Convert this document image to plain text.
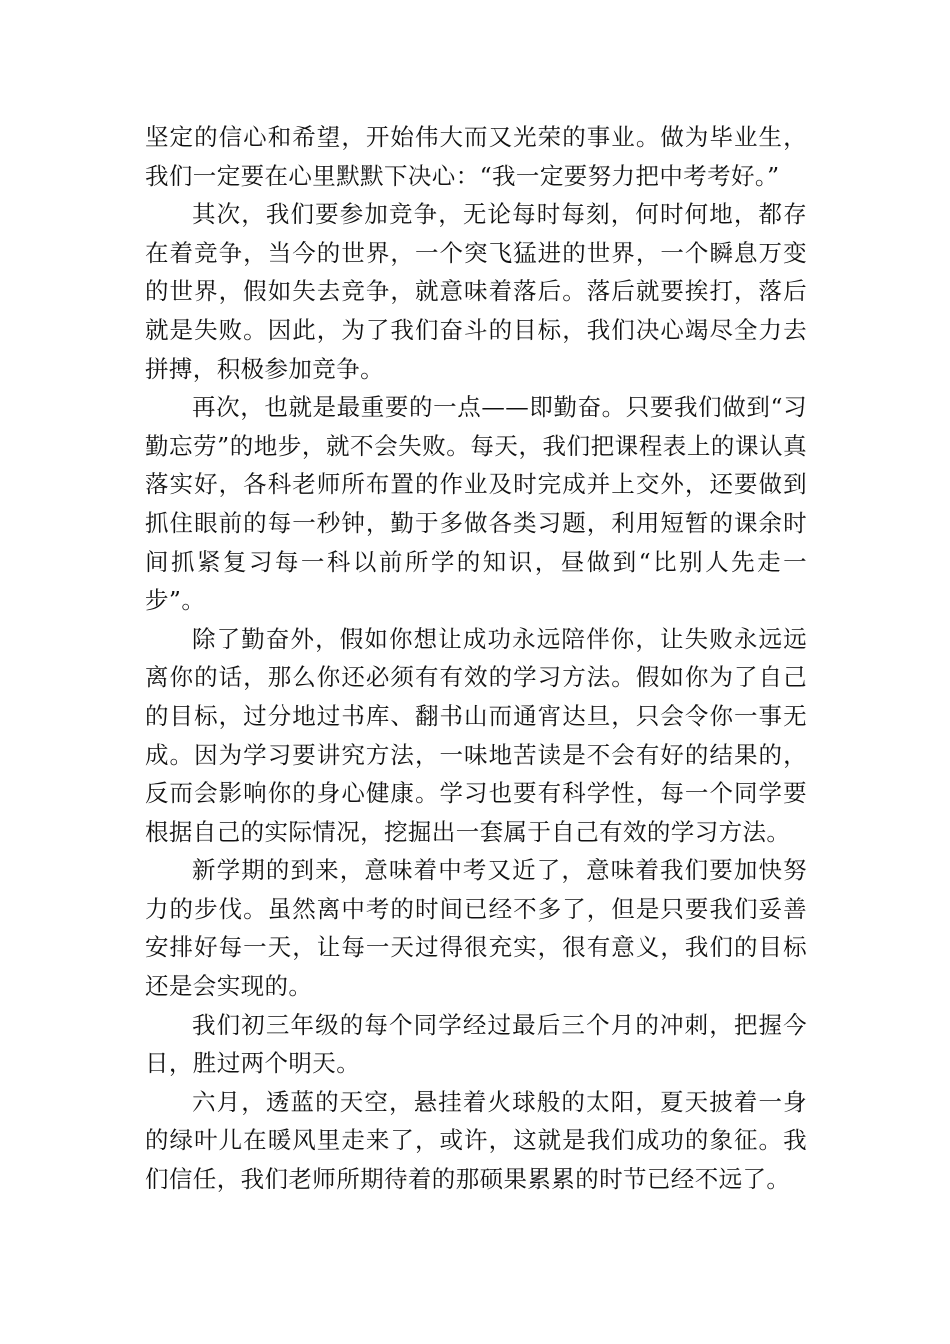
坚定的信心和希望，开始伟大而又光荣的事业。做为毕业生，我们一定要在心里默默下决心：“我一定要努力把中考考好。”

其次，我们要参加竞争，无论每时每刻，何时何地，都存在着竞争，当今的世界，一个突飞猛进的世界，一个瞬息万变的世界，假如失去竞争，就意味着落后。落后就要挨打，落后就是失败。因此，为了我们奋斗的目标，我们决心竭尽全力去拼搏，积极参加竞争。

再次，也就是最重要的一点——即勤奋。只要我们做到“习勤忘劳”的地步，就不会失败。每天，我们把课程表上的课认真落实好，各科老师所布置的作业及时完成并上交外，还要做到抓住眼前的每一秒钟，勤于多做各类习题，利用短暂的课余时间抓紧复习每一科以前所学的知识，昼做到“比别人先走一步”。

除了勤奋外，假如你想让成功永远陪伴你，让失败永远远离你的话，那么你还必须有有效的学习方法。假如你为了自己的目标，过分地过书库、翻书山而通宵达旦，只会令你一事无成。因为学习要讲究方法，一味地苦读是不会有好的结果的，反而会影响你的身心健康。学习也要有科学性，每一个同学要根据自己的实际情况，挖掘出一套属于自己有效的学习方法。

新学期的到来，意味着中考又近了，意味着我们要加快努力的步伐。虽然离中考的时间已经不多了，但是只要我们妥善安排好每一天，让每一天过得很充实，很有意义，我们的目标还是会实现的。

我们初三年级的每个同学经过最后三个月的冲刺，把握今日，胜过两个明天。

六月，透蓝的天空，悬挂着火球般的太阳，夏天披着一身的绿叶儿在暖风里走来了，或许，这就是我们成功的象征。我们信任，我们老师所期待着的那硕果累累的时节已经不远了。
